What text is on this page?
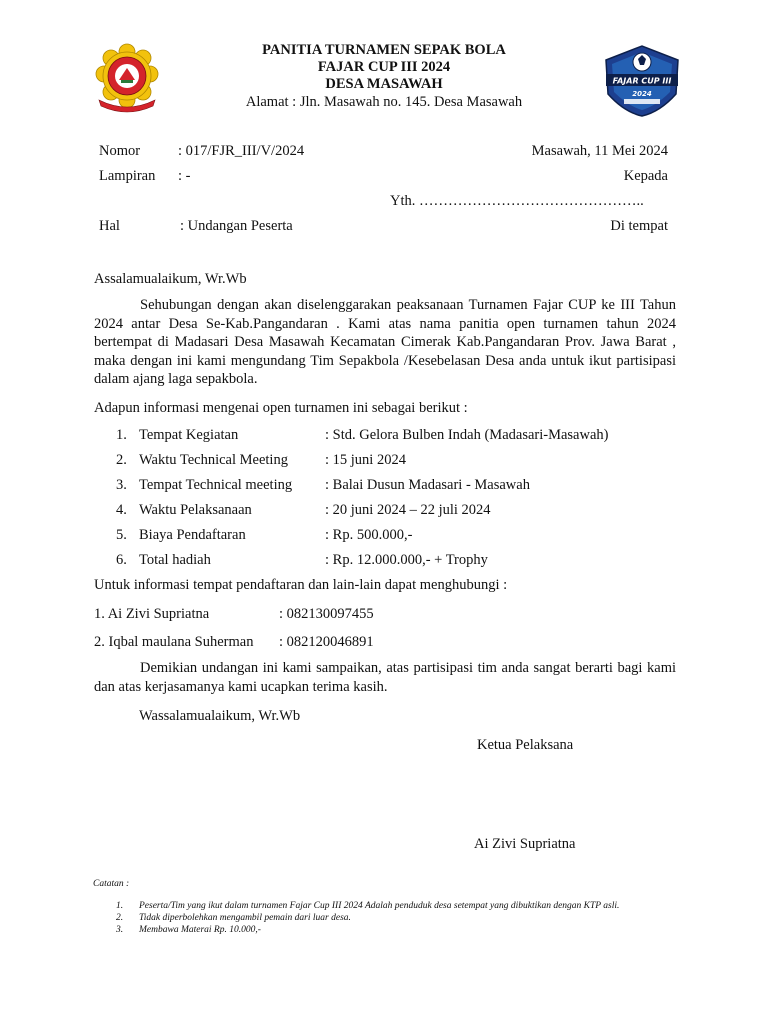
FAJAR CUP III
2024
PANITIA TURNAMEN SEPAK BOLA
FAJAR CUP III 2024
DESA MASAWAH
Alamat : Jln. Masawah no. 145. Desa Masawah
Nomor	: 017/FJR_III/V/2024	Masawah, 11 Mei 2024
Lampiran : -	Kepada
Yth. ………………………………………..
Hal	: Undangan Peserta	Di tempat
Assalamualaikum, Wr.Wb
Sehubungan dengan akan diselenggarakan peaksanaan Turnamen Fajar CUP ke III Tahun 2024 antar Desa Se-Kab.Pangandaran . Kami atas nama panitia open turnamen tahun 2024 bertempat di Madasari Desa Masawah Kecamatan Cimerak Kab.Pangandaran Prov. Jawa Barat , maka dengan ini kami mengundang Tim Sepakbola /Kesebelasan Desa anda untuk ikut partisipasi dalam ajang laga sepakbola.
Adapun informasi mengenai open turnamen ini sebagai berikut :
1. Tempat Kegiatan	: Std. Gelora Bulben Indah (Madasari-Masawah)
2. Waktu Technical Meeting	: 15 juni 2024
3. Tempat Technical meeting : Balai Dusun Madasari - Masawah
4. Waktu Pelaksanaan	: 20 juni 2024 – 22 juli 2024
5. Biaya Pendaftaran	: Rp. 500.000,-
6. Total hadiah	: Rp. 12.000.000,- + Trophy
Untuk informasi tempat pendaftaran dan lain-lain dapat menghubungi :
1. Ai Zivi Supriatna	: 082130097455
2. Iqbal maulana Suherman : 082120046891
Demikian undangan ini kami sampaikan, atas partisipasi tim anda sangat berarti bagi kami dan atas kerjasamanya kami ucapkan terima kasih.
Wassalamualaikum, Wr.Wb
Ketua Pelaksana
Ai Zivi Supriatna
Catatan :
1. Peserta/Tim yang ikut dalam turnamen Fajar Cup III 2024 Adalah penduduk desa setempat yang dibuktikan dengan KTP asli.
2. Tidak diperbolehkan mengambil pemain dari luar desa.
3. Membawa Materai Rp. 10.000,-
